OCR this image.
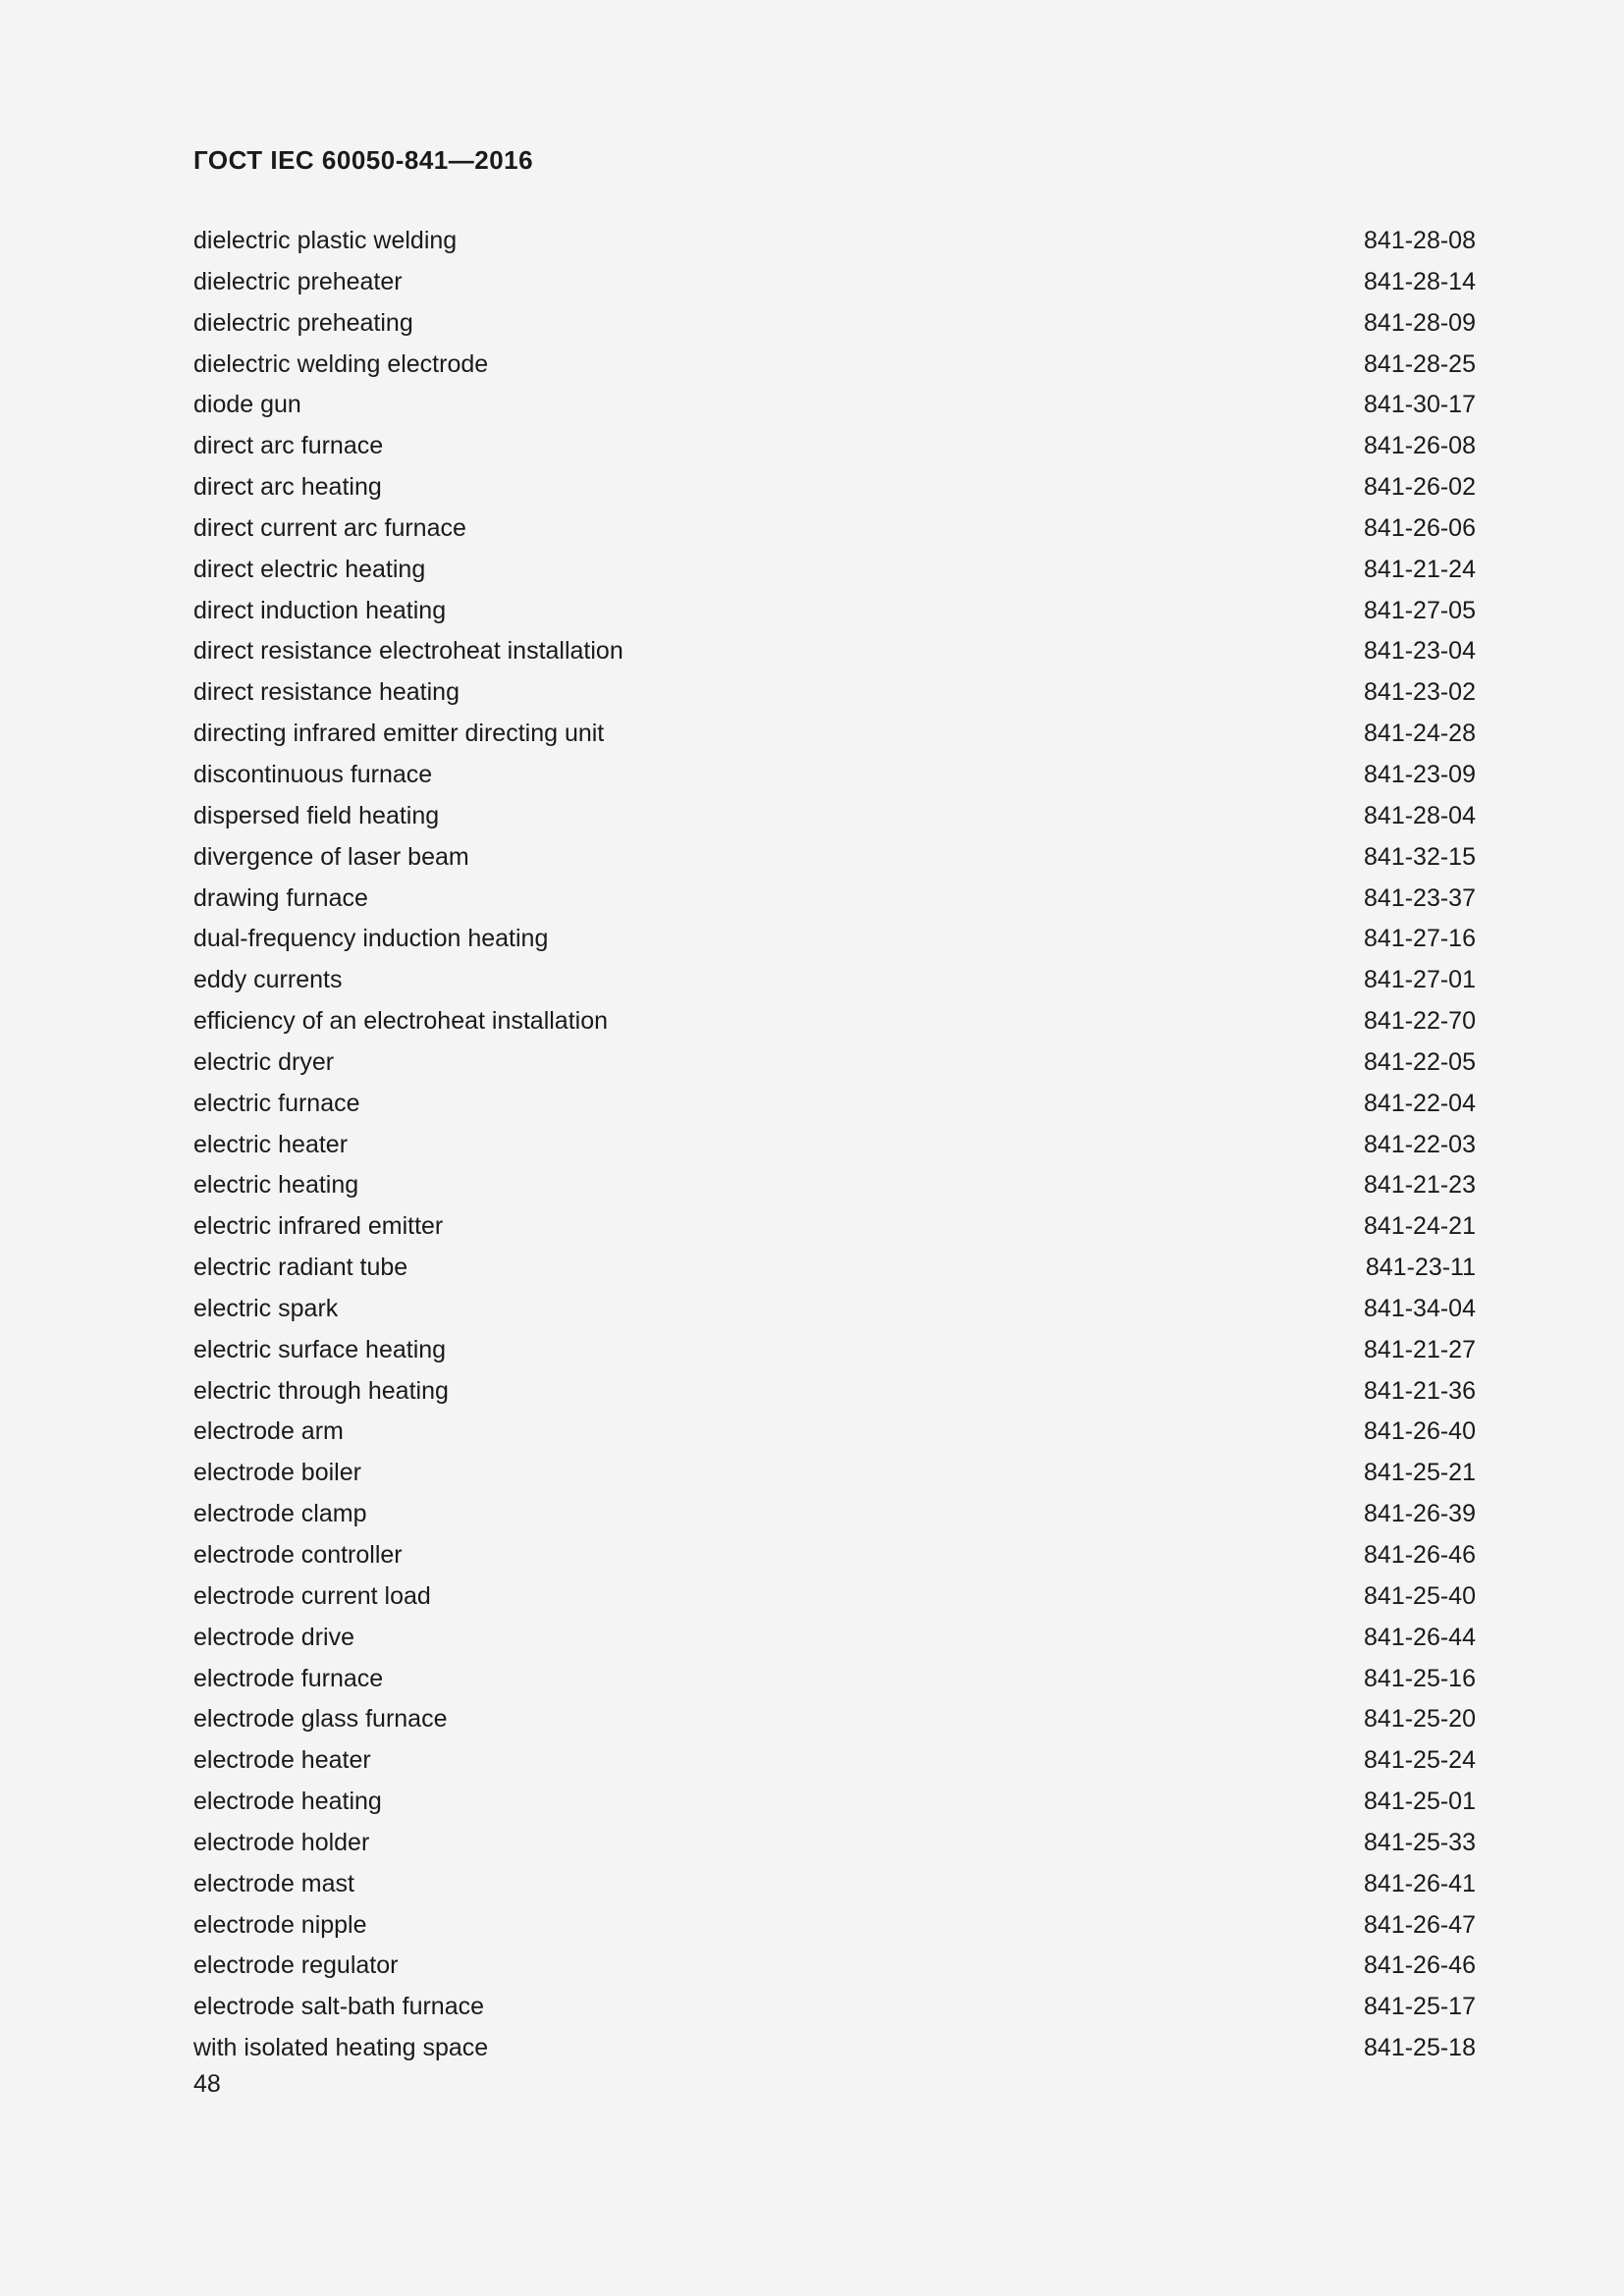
ГОСТ IEC 60050-841—2016
dielectric plastic welding	841-28-08
dielectric preheater	841-28-14
dielectric preheating	841-28-09
dielectric welding electrode	841-28-25
diode gun	841-30-17
direct arc furnace	841-26-08
direct arc heating	841-26-02
direct current arc furnace	841-26-06
direct electric heating	841-21-24
direct induction heating	841-27-05
direct resistance electroheat installation	841-23-04
direct resistance heating	841-23-02
directing infrared emitter directing unit	841-24-28
discontinuous furnace	841-23-09
dispersed field heating	841-28-04
divergence of laser beam	841-32-15
drawing furnace	841-23-37
dual-frequency induction heating	841-27-16
eddy currents	841-27-01
efficiency of an electroheat installation	841-22-70
electric dryer	841-22-05
electric furnace	841-22-04
electric heater	841-22-03
electric heating	841-21-23
electric infrared emitter	841-24-21
electric radiant tube	841-23-11
electric spark	841-34-04
electric surface heating	841-21-27
electric through heating	841-21-36
electrode arm	841-26-40
electrode boiler	841-25-21
electrode clamp	841-26-39
electrode controller	841-26-46
electrode current load	841-25-40
electrode drive	841-26-44
electrode furnace	841-25-16
electrode glass furnace	841-25-20
electrode heater	841-25-24
electrode heating	841-25-01
electrode holder	841-25-33
electrode mast	841-26-41
electrode nipple	841-26-47
electrode regulator	841-26-46
electrode salt-bath furnace	841-25-17
with isolated heating space	841-25-18
48
